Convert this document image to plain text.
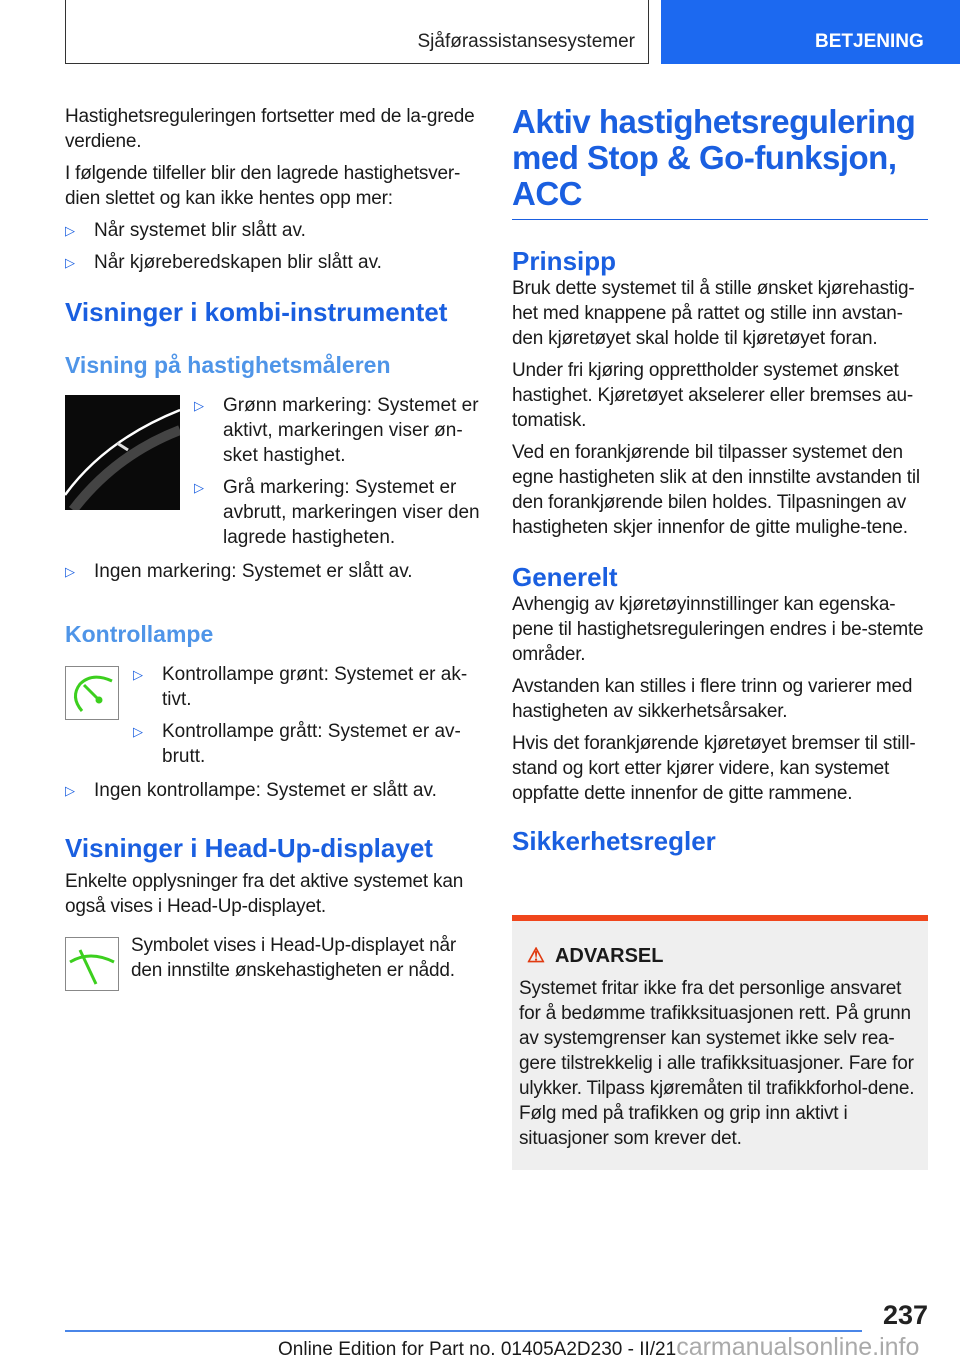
Sjåførassistansesystemer	BETJENING

Hastighetsreguleringen fortsetter med de la-grede verdiene.

I følgende tilfeller blir den lagrede hastighetsver-dien slettet og kan ikke hentes opp mer:

▷ Når systemet blir slått av.
▷ Når kjøreberedskapen blir slått av.
Visninger i kombi-instrumentet
Visning på hastighetsmåleren
▷ Grønn markering: Systemet er aktivt, markeringen viser øn-sket hastighet.
▷ Grå markering: Systemet er avbrutt, markeringen viser den lagrede hastigheten.
▷ Ingen markering: Systemet er slått av.
Kontrollampe
▷ Kontrollampe grønt: Systemet er ak-tivt.
▷ Kontrollampe grått: Systemet er av-brutt.
▷ Ingen kontrollampe: Systemet er slått av.
Visninger i Head-Up-displayet

Enkelte opplysninger fra det aktive systemet kan også vises i Head-Up-displayet.

Symbolet vises i Head-Up-displayet når den innstilte ønskehastigheten er nådd.

Aktiv hastighetsregulering med Stop & Go-funksjon, ACC
Prinsipp

Bruk dette systemet til å stille ønsket kjørehastig-het med knappene på rattet og stille inn avstan-den kjøretøyet skal holde til kjøretøyet foran.

Under fri kjøring opprettholder systemet ønsket hastighet. Kjøretøyet akselerer eller bremses au-tomatisk.

Ved en forankjørende bil tilpasser systemet den egne hastigheten slik at den innstilte avstanden til den forankjørende bilen holdes. Tilpasningen av hastigheten skjer innenfor de gitte mulighe-tene.

Generelt

Avhengig av kjøretøyinnstillinger kan egenska-pene til hastighetsreguleringen endres i be-stemte områder.

Avstanden kan stilles i flere trinn og varierer med hastigheten av sikkerhetsårsaker.

Hvis det forankjørende kjøretøyet bremser til still-stand og kort etter kjører videre, kan systemet oppfatte dette innenfor de gitte rammene.

Sikkerhetsregler
⚠ ADVARSEL

Systemet fritar ikke fra det personlige ansvaret for å bedømme trafikksituasjonen rett. På grunn av systemgrenser kan systemet ikke selv rea-gere tilstrekkelig i alle trafikksituasjoner. Fare for ulykker. Tilpass kjøremåten til trafikkforhol-dene. Følg med på trafikken og grip inn aktivt i situasjoner som krever det.

237
Online Edition for Part no. 01405A2D230 - II/21carmanualsonline.info
